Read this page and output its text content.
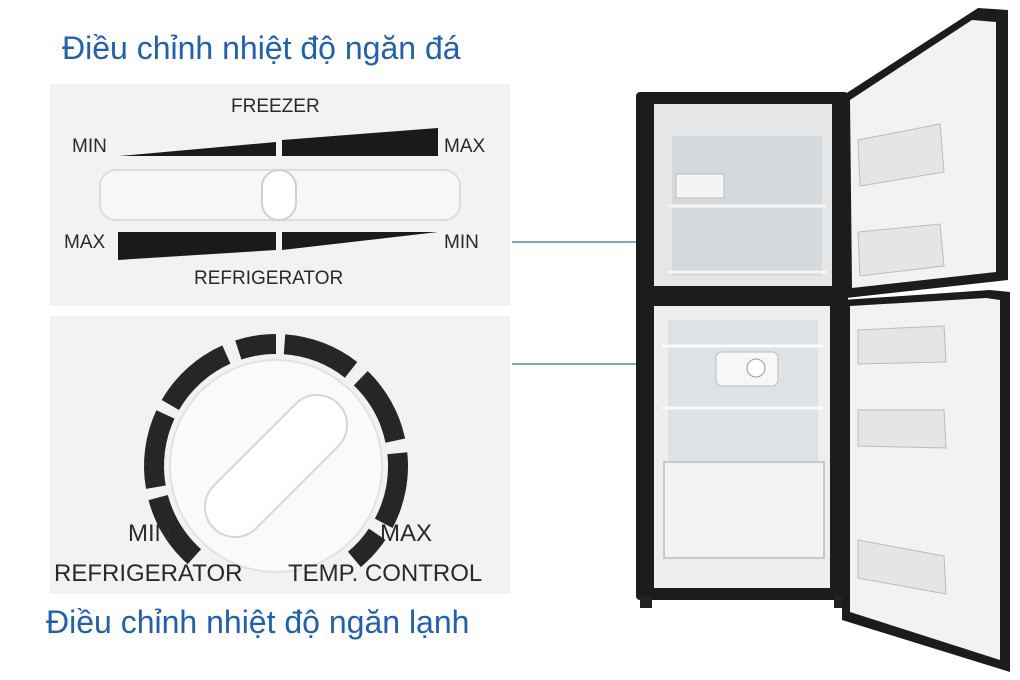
Điều chỉnh nhiệt độ ngăn đá
Điều chỉnh nhiệt độ ngăn lạnh
FREEZER
MIN	MAX
MAX	MIN
REFRIGERATOR
MIN	MAX
REFRIGERATOR TEMP. CONTROL
